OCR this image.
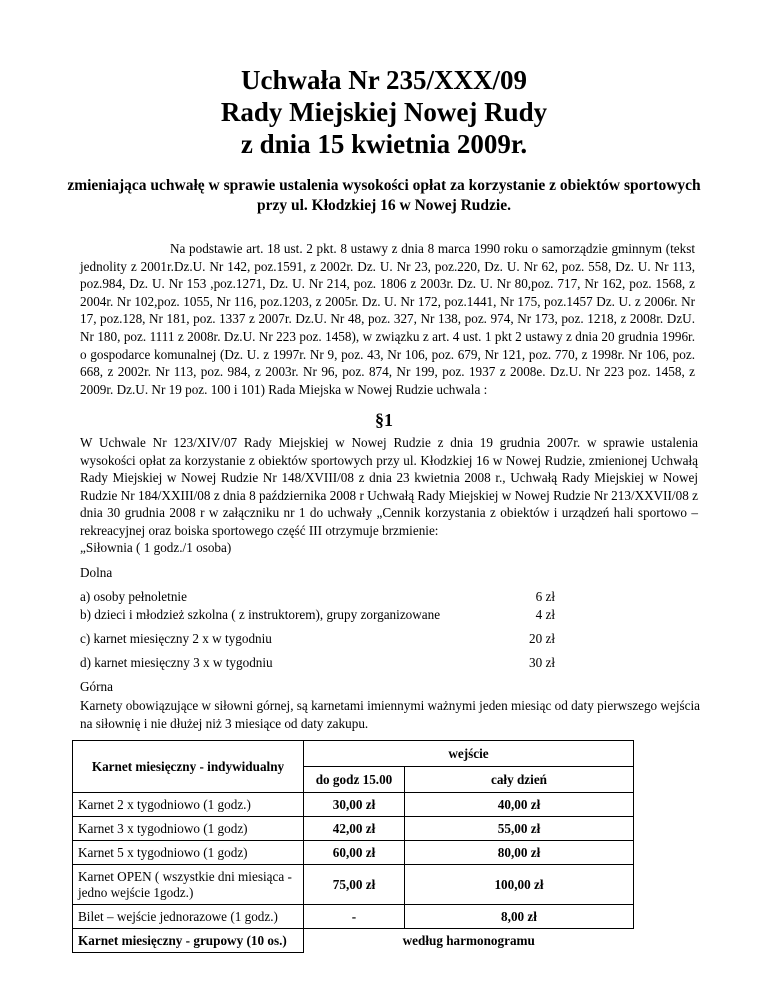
Uchwała Nr 235/XXX/09
Rady Miejskiej Nowej Rudy
z dnia 15 kwietnia 2009r.
zmieniająca uchwałę w sprawie ustalenia wysokości opłat za korzystanie z obiektów sportowych przy ul. Kłodzkiej 16 w Nowej Rudzie.
Na podstawie art. 18 ust. 2 pkt. 8 ustawy z dnia 8 marca 1990 roku o samorządzie gminnym (tekst jednolity z 2001r.Dz.U. Nr 142, poz.1591, z 2002r. Dz. U. Nr 23, poz.220, Dz. U. Nr 62, poz. 558, Dz. U. Nr 113, poz.984, Dz. U. Nr 153 ,poz.1271, Dz. U. Nr 214, poz. 1806 z 2003r. Dz. U. Nr 80,poz. 717, Nr 162, poz. 1568, z 2004r. Nr 102,poz. 1055, Nr 116, poz.1203, z 2005r. Dz. U. Nr 172, poz.1441, Nr 175, poz.1457 Dz. U. z 2006r. Nr 17, poz.128, Nr 181, poz. 1337 z 2007r. Dz.U. Nr 48, poz. 327, Nr 138, poz. 974, Nr 173, poz. 1218, z 2008r. DzU. Nr 180, poz. 1111 z 2008r. Dz.U. Nr 223 poz. 1458), w związku z art. 4 ust. 1 pkt 2 ustawy z dnia 20 grudnia 1996r. o gospodarce komunalnej (Dz. U. z 1997r. Nr 9, poz. 43, Nr 106, poz. 679, Nr 121, poz. 770, z 1998r. Nr 106, poz. 668, z 2002r. Nr 113, poz. 984, z 2003r. Nr 96, poz. 874, Nr 199, poz. 1937 z 2008e. Dz.U. Nr 223 poz. 1458, z 2009r. Dz.U. Nr 19 poz. 100 i 101) Rada Miejska w Nowej Rudzie uchwala :
§1
W Uchwale Nr 123/XIV/07 Rady Miejskiej w Nowej Rudzie z dnia 19 grudnia 2007r. w sprawie ustalenia wysokości opłat za korzystanie z obiektów sportowych przy ul. Kłodzkiej 16 w Nowej Rudzie, zmienionej Uchwałą Rady Miejskiej w Nowej Rudzie Nr 148/XVIII/08 z dnia 23 kwietnia 2008 r., Uchwałą Rady Miejskiej w Nowej Rudzie Nr 184/XXIII/08 z dnia 8 października 2008 r Uchwałą Rady Miejskiej w Nowej Rudzie Nr 213/XXVII/08 z dnia 30 grudnia 2008 r w załączniku nr 1 do uchwały „Cennik korzystania z obiektów i urządzeń hali sportowo – rekreacyjnej oraz boiska sportowego część III otrzymuje brzmienie:
„Siłownia ( 1 godz./1 osoba)
Dolna
a) osoby pełnoletnie	6 zł
b) dzieci i młodzież szkolna ( z instruktorem), grupy zorganizowane	4 zł
c) karnet miesięczny 2 x w tygodniu	20 zł
d) karnet miesięczny 3 x w tygodniu	30 zł
Górna
Karnety obowiązujące w siłowni górnej, są karnetami imiennymi ważnymi jeden miesiąc od daty pierwszego wejścia na siłownię i nie dłużej niż 3 miesiące od daty zakupu.
Karnet miesięczny - indywidualny	wejście	
	do godz 15.00	cały dzień
Karnet 2 x tygodniowo (1 godz.)	30,00 zł	40,00 zł
Karnet 3 x tygodniowo (1 godz)	42,00 zł	55,00 zł
Karnet 5 x tygodniowo (1 godz)	60,00 zł	80,00 zł
Karnet OPEN ( wszystkie dni miesiąca - jedno wejście 1godz.)	75,00 zł	100,00 zł
Bilet – wejście jednorazowe (1 godz.)	-	8,00 zł
Karnet miesięczny - grupowy (10 os.)	według harmonogramu	
